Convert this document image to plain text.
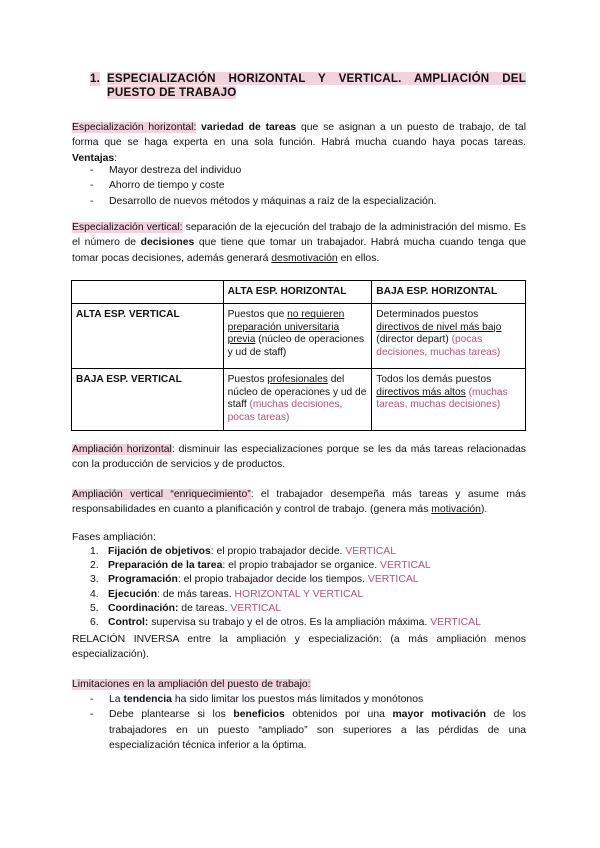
1. ESPECIALIZACIÓN HORIZONTAL Y VERTICAL. AMPLIACIÓN DEL PUESTO DE TRABAJO
Especialización horizontal: variedad de tareas que se asignan a un puesto de trabajo, de tal forma que se haga experta en una sola función. Habrá mucha cuando haya pocas tareas. Ventajas:
- Mayor destreza del individuo
- Ahorro de tiempo y coste
- Desarrollo de nuevos métodos y máquinas a raíz de la especialización.
Especialización vertical: separación de la ejecución del trabajo de la administración del mismo. Es el número de decisiones que tiene que tomar un trabajador. Habrá mucha cuando tenga que tomar pocas decisiones, además generará desmotivación en ellos.
	ALTA ESP. HORIZONTAL	BAJA ESP. HORIZONTAL
ALTA ESP. VERTICAL	Puestos que no requieren preparación universitaria previa (núcleo de operaciones y ud de staff)	Determinados puestos directivos de nivel más bajo (director depart) (pocas decisiones, muchas tareas)
BAJA ESP. VERTICAL	Puestos profesionales del núcleo de operaciones y ud de staff (muchas decisiones, pocas tareas)	Todos los demás puestos directivos más altos (muchas tareas, muchas decisiones)
Ampliación horizontal: disminuir las especializaciones porque se les da más tareas relacionadas con la producción de servicios y de productos.
Ampliación vertical “enriquecimiento”: el trabajador desempeña más tareas y asume más responsabilidades en cuanto a planificación y control de trabajo. (genera más motivación).
Fases ampliación:
1. Fijación de objetivos: el propio trabajador decide. VERTICAL
2. Preparación de la tarea: el propio trabajador se organice. VERTICAL
3. Programación: el propio trabajador decide los tiempos. VERTICAL
4. Ejecución: de más tareas. HORIZONTAL Y VERTICAL
5. Coordinación: de tareas. VERTICAL
6. Control: supervisa su trabajo y el de otros. Es la ampliación máxima. VERTICAL
RELACIÓN INVERSA entre la ampliación y especialización: (a más ampliación menos especialización).
Limitaciones en la ampliación del puesto de trabajo:
- La tendencia ha sido limitar los puestos más limitados y monótonos
- Debe plantearse si los beneficios obtenidos por una mayor motivación de los trabajadores en un puesto “ampliado” son superiores a las pérdidas de una especialización técnica inferior a la óptima.
